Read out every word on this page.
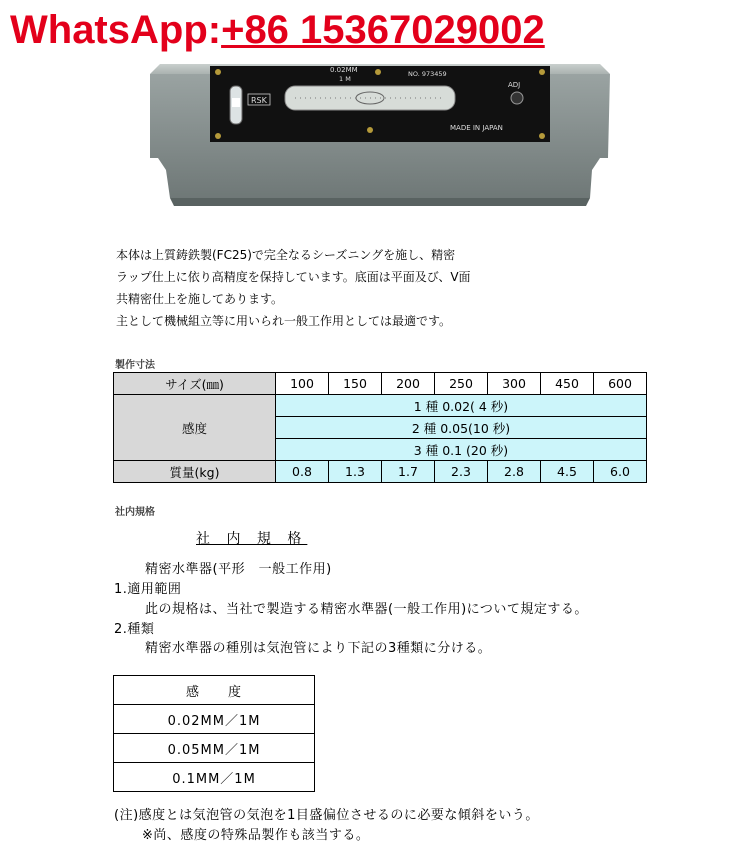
WhatsApp:+86 15367029002
0.02MM
1 M
NO. 973459
RSK
ADJ
MADE IN JAPAN
本体は上質鋳鉄製(FC25)で完全なるシーズニングを施し、精密
ラップ仕上に依り高精度を保持しています。底面は平面及び、V面
共精密仕上を施してあります。
主として機械組立等に用いられ一般工作用としては最適です。
製作寸法
サイズ(㎜)	100	150	200	250	300	450	600
感度	1 種 0.02( 4 秒)						
	2 種 0.05(10 秒)						
	3 種 0.1 (20 秒)						
質量(kg)	0.8	1.3	1.7	2.3	2.8	4.5	6.0
社内規格
社 内 規 格
精密水準器(平形　一般工作用)
1.適用範囲
此の規格は、当社で製造する精密水準器(一般工作用)について規定する。
2.種類
精密水準器の種別は気泡管により下記の3種類に分ける。
感　　度
0.02MM／1M
0.05MM／1M
0.1MM／1M
(注)感度とは気泡管の気泡を1目盛偏位させるのに必要な傾斜をいう。
※尚、感度の特殊品製作も該当する。
